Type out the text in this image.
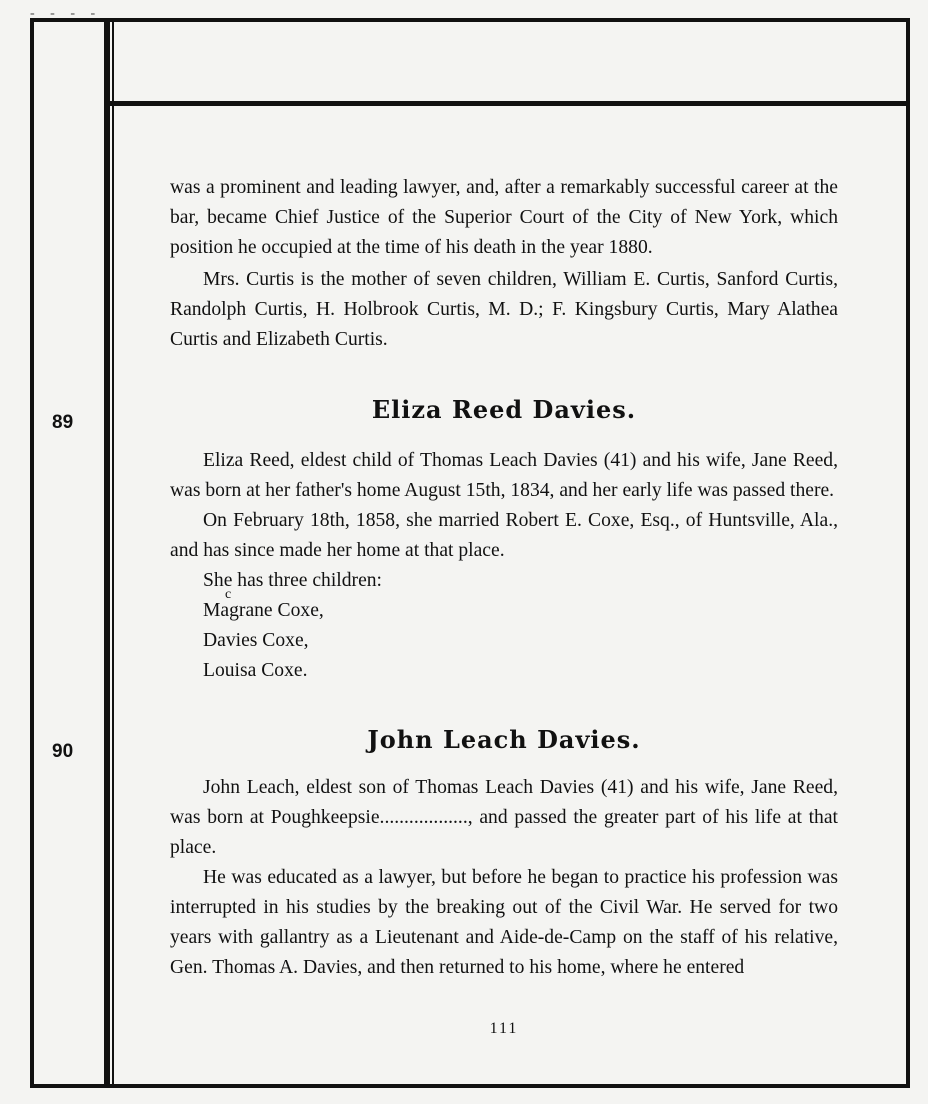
- - - -

was a prominent and leading lawyer, and, after a remarkably successful career at the bar, became Chief Justice of the Superior Court of the City of New York, which position he occupied at the time of his death in the year 1880.

Mrs. Curtis is the mother of seven children, William E. Curtis, Sanford Curtis, Randolph Curtis, H. Holbrook Curtis, M. D.; F. Kingsbury Curtis, Mary Alathea Curtis and Elizabeth Curtis.

89	Eliza Reed Davies.

Eliza Reed, eldest child of Thomas Leach Davies (41) and his wife, Jane Reed, was born at her father's home August 15th, 1834, and her early life was passed there.

On February 18th, 1858, she married Robert E. Coxe, Esq., of Huntsville, Ala., and has since made her home at that place.

She has three children:

c
Magrane Coxe,
Davies Coxe,
Louisa Coxe.
90	John Leach Davies.

John Leach, eldest son of Thomas Leach Davies (41) and his wife, Jane Reed, was born at Poughkeepsie.................., and passed the greater part of his life at that place.

He was educated as a lawyer, but before he began to practice his profession was interrupted in his studies by the breaking out of the Civil War. He served for two years with gallantry as a Lieutenant and Aide-de-Camp on the staff of his relative, Gen. Thomas A. Davies, and then returned to his home, where he entered

111
